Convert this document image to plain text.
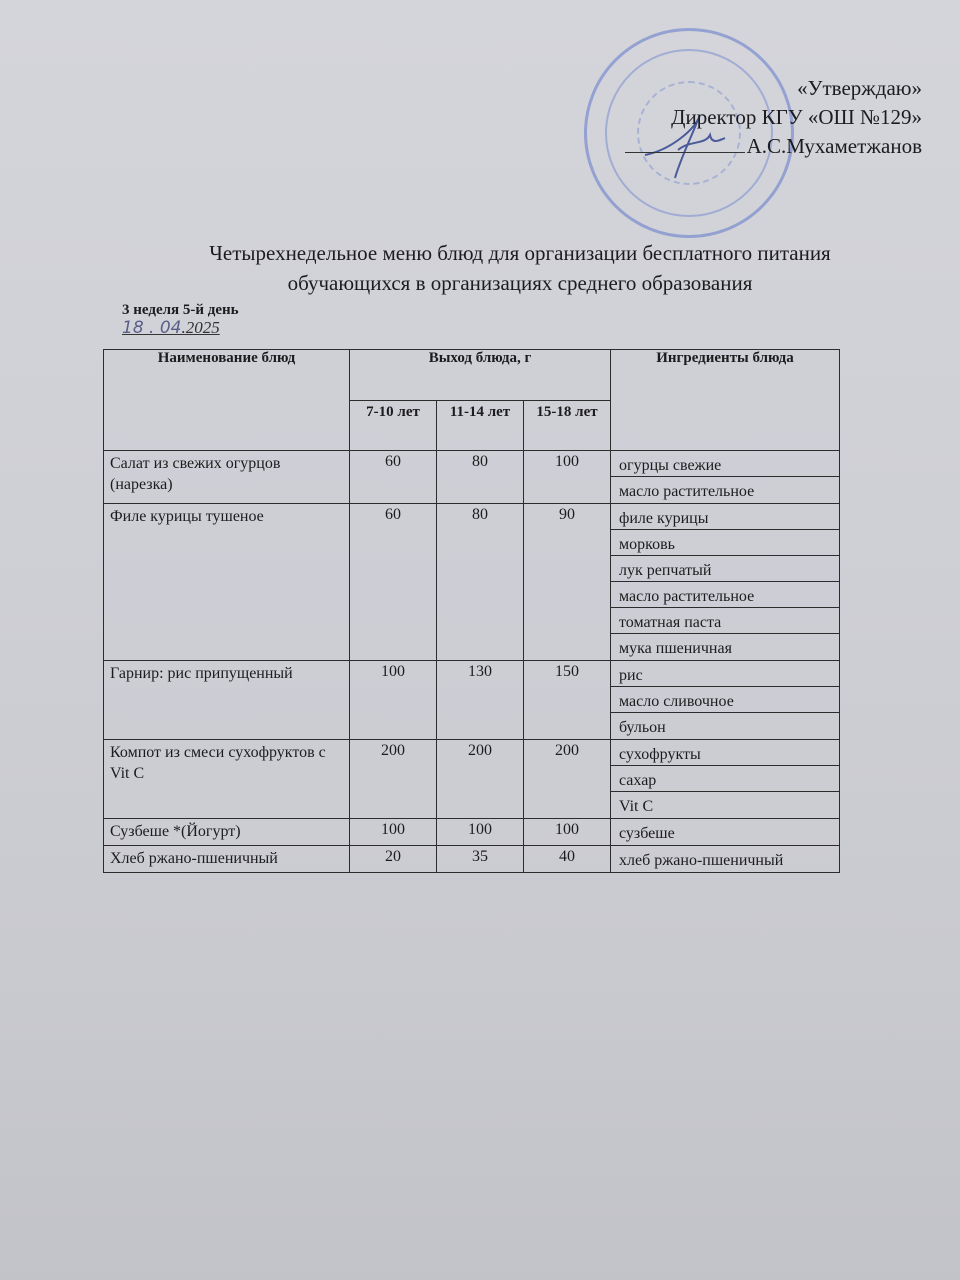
«Утверждаю»
Директор КГУ «ОШ №129»
А.С.Мухаметжанов
Четырехнедельное меню блюд для организации бесплатного питания
обучающихся в организациях среднего образования
3 неделя 5-й день
18 . 04.2025
Наименование блюд	Выход блюда, г			Ингредиенты блюда
	7-10 лет	11-14 лет	15-18 лет	

Салат из свежих огурцов (нарезка)	60	80	100	огурцы свежие
масло растительное

Филе курицы тушеное	60	80	90	филе курицы
морковь
лук репчатый
масло растительное
томатная паста
мука пшеничная

Гарнир: рис припущенный	100	130	150	рис
масло сливочное
бульон

Компот из смеси сухофруктов с Vit C	200	200	200	сухофрукты
сахар
Vit C

Сузбеше *(Йогурт)	100	100	100	сузбеше

Хлеб ржано-пшеничный	20	35	40	хлеб ржано-пшеничный
